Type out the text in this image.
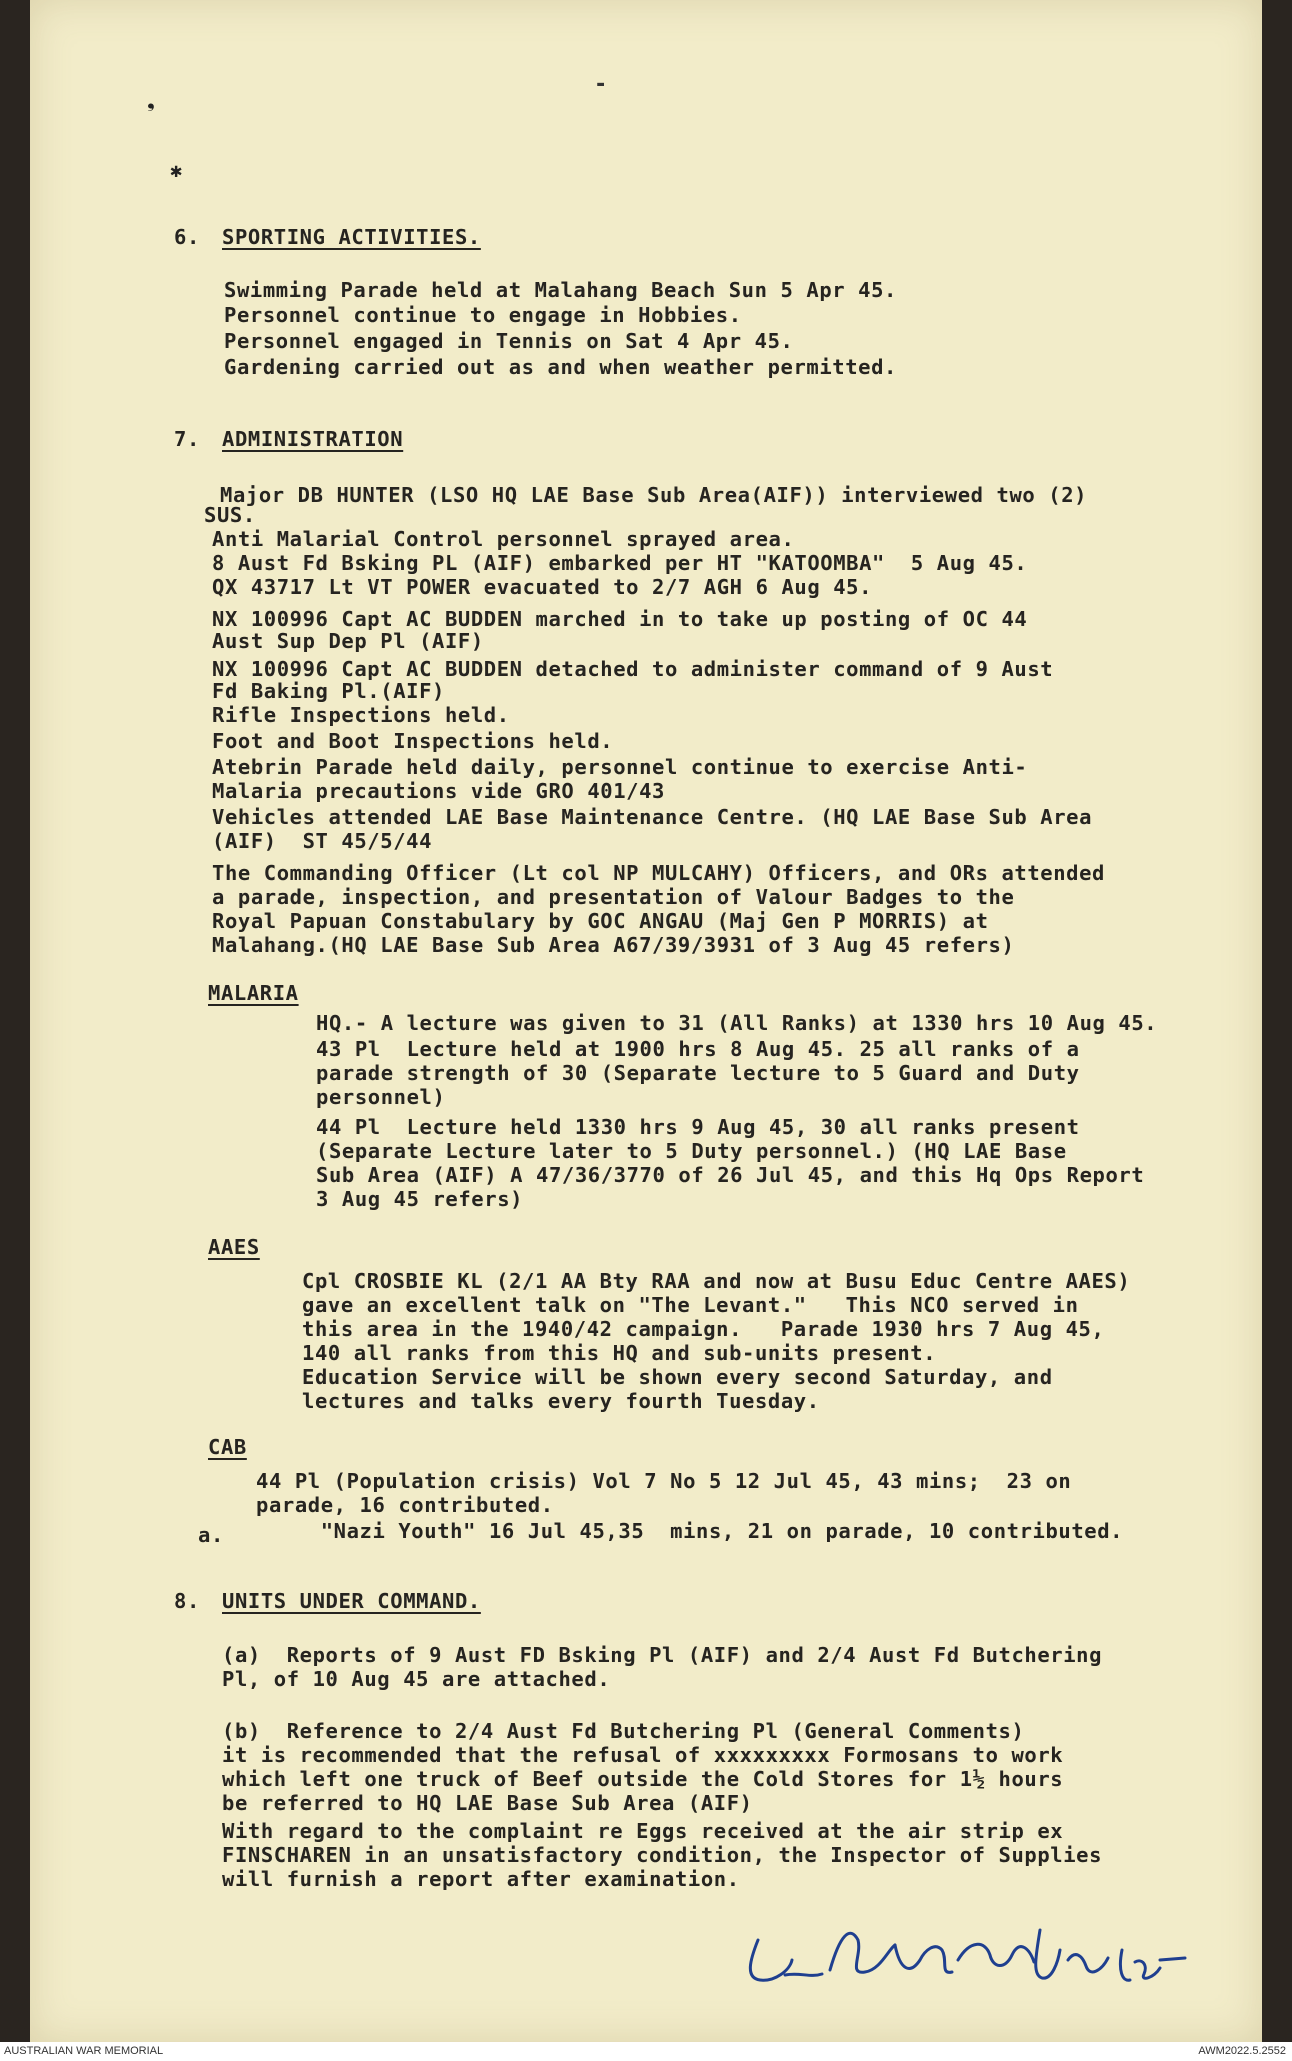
❟
✱
-
6. SPORTING ACTIVITIES.
Swimming Parade held at Malahang Beach Sun 5 Apr 45.
Personnel continue to engage in Hobbies.
Personnel engaged in Tennis on Sat 4 Apr 45.
Gardening carried out as and when weather permitted.
7. ADMINISTRATION
Major DB HUNTER (LSO HQ LAE Base Sub Area(AIF)) interviewed two (2)
SUS.
Anti Malarial Control personnel sprayed area.
8 Aust Fd Bsking PL (AIF) embarked per HT "KATOOMBA"  5 Aug 45.
QX 43717 Lt VT POWER evacuated to 2/7 AGH 6 Aug 45.
NX 100996 Capt AC BUDDEN marched in to take up posting of OC 44
Aust Sup Dep Pl (AIF)
NX 100996 Capt AC BUDDEN detached to administer command of 9 Aust
Fd Baking Pl.(AIF)
Rifle Inspections held.
Foot and Boot Inspections held.
Atebrin Parade held daily, personnel continue to exercise Anti-
Malaria precautions vide GRO 401/43
Vehicles attended LAE Base Maintenance Centre. (HQ LAE Base Sub Area
(AIF)  ST 45/5/44
The Commanding Officer (Lt col NP MULCAHY) Officers, and ORs attended
a parade, inspection, and presentation of Valour Badges to the
Royal Papuan Constabulary by GOC ANGAU (Maj Gen P MORRIS) at
Malahang.(HQ LAE Base Sub Area A67/39/3931 of 3 Aug 45 refers)
MALARIA
HQ.- A lecture was given to 31 (All Ranks) at 1330 hrs 10 Aug 45.
43 Pl  Lecture held at 1900 hrs 8 Aug 45. 25 all ranks of a
parade strength of 30 (Separate lecture to 5 Guard and Duty
personnel)
44 Pl  Lecture held 1330 hrs 9 Aug 45, 30 all ranks present
(Separate Lecture later to 5 Duty personnel.) (HQ LAE Base
Sub Area (AIF) A 47/36/3770 of 26 Jul 45, and this Hq Ops Report
3 Aug 45 refers)
AAES
Cpl CROSBIE KL (2/1 AA Bty RAA and now at Busu Educ Centre AAES)
gave an excellent talk on "The Levant."   This NCO served in
this area in the 1940/42 campaign.   Parade 1930 hrs 7 Aug 45,
140 all ranks from this HQ and sub-units present.
Education Service will be shown every second Saturday, and
lectures and talks every fourth Tuesday.
CAB
44 Pl (Population crisis) Vol 7 No 5 12 Jul 45, 43 mins;  23 on
parade, 16 contributed.
"Nazi Youth" 16 Jul 45,35  mins, 21 on parade, 10 contributed.
a.
8. UNITS UNDER COMMAND.
(a)  Reports of 9 Aust FD Bsking Pl (AIF) and 2/4 Aust Fd Butchering
Pl, of 10 Aug 45 are attached.
(b)  Reference to 2/4 Aust Fd Butchering Pl (General Comments)
it is recommended that the refusal of xxxxxxxxx Formosans to work
which left one truck of Beef outside the Cold Stores for 1½ hours
be referred to HQ LAE Base Sub Area (AIF)
With regard to the complaint re Eggs received at the air strip ex
FINSCHAREN in an unsatisfactory condition, the Inspector of Supplies
will furnish a report after examination.
AUSTRALIAN WAR MEMORIAL	AWM2022.5.2552
